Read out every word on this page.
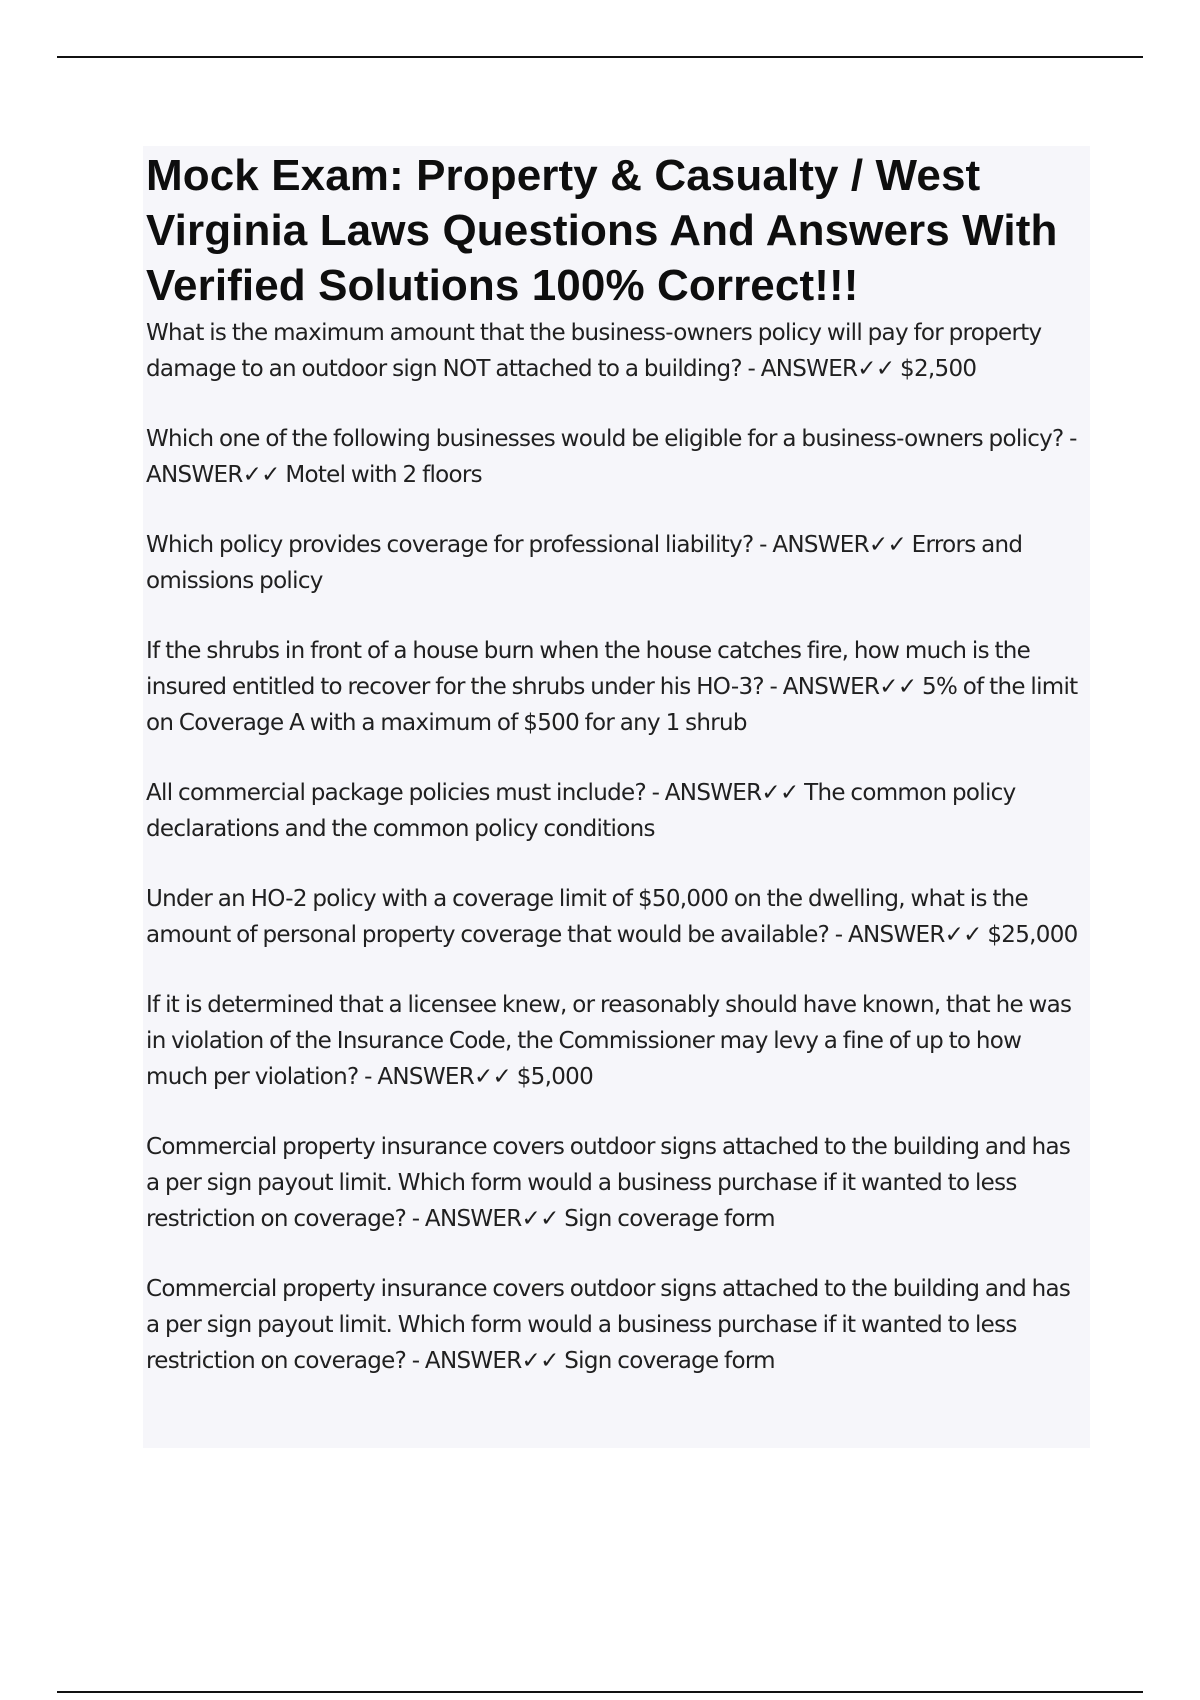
Mock Exam: Property & Casualty / West Virginia Laws Questions And Answers With Verified Solutions 100% Correct!!!
What is the maximum amount that the business-owners policy will pay for property damage to an outdoor sign NOT attached to a building? - ANSWER✓✓ $2,500
Which one of the following businesses would be eligible for a business-owners policy? - ANSWER✓✓ Motel with 2 floors
Which policy provides coverage for professional liability? - ANSWER✓✓ Errors and omissions policy
If the shrubs in front of a house burn when the house catches fire, how much is the insured entitled to recover for the shrubs under his HO-3? - ANSWER✓✓ 5% of the limit on Coverage A with a maximum of $500 for any 1 shrub
All commercial package policies must include? - ANSWER✓✓ The common policy declarations and the common policy conditions
Under an HO-2 policy with a coverage limit of $50,000 on the dwelling, what is the amount of personal property coverage that would be available? - ANSWER✓✓ $25,000
If it is determined that a licensee knew, or reasonably should have known, that he was in violation of the Insurance Code, the Commissioner may levy a fine of up to how much per violation? - ANSWER✓✓ $5,000
Commercial property insurance covers outdoor signs attached to the building and has a per sign payout limit. Which form would a business purchase if it wanted to less restriction on coverage? - ANSWER✓✓ Sign coverage form
Commercial property insurance covers outdoor signs attached to the building and has a per sign payout limit. Which form would a business purchase if it wanted to less restriction on coverage? - ANSWER✓✓ Sign coverage form
